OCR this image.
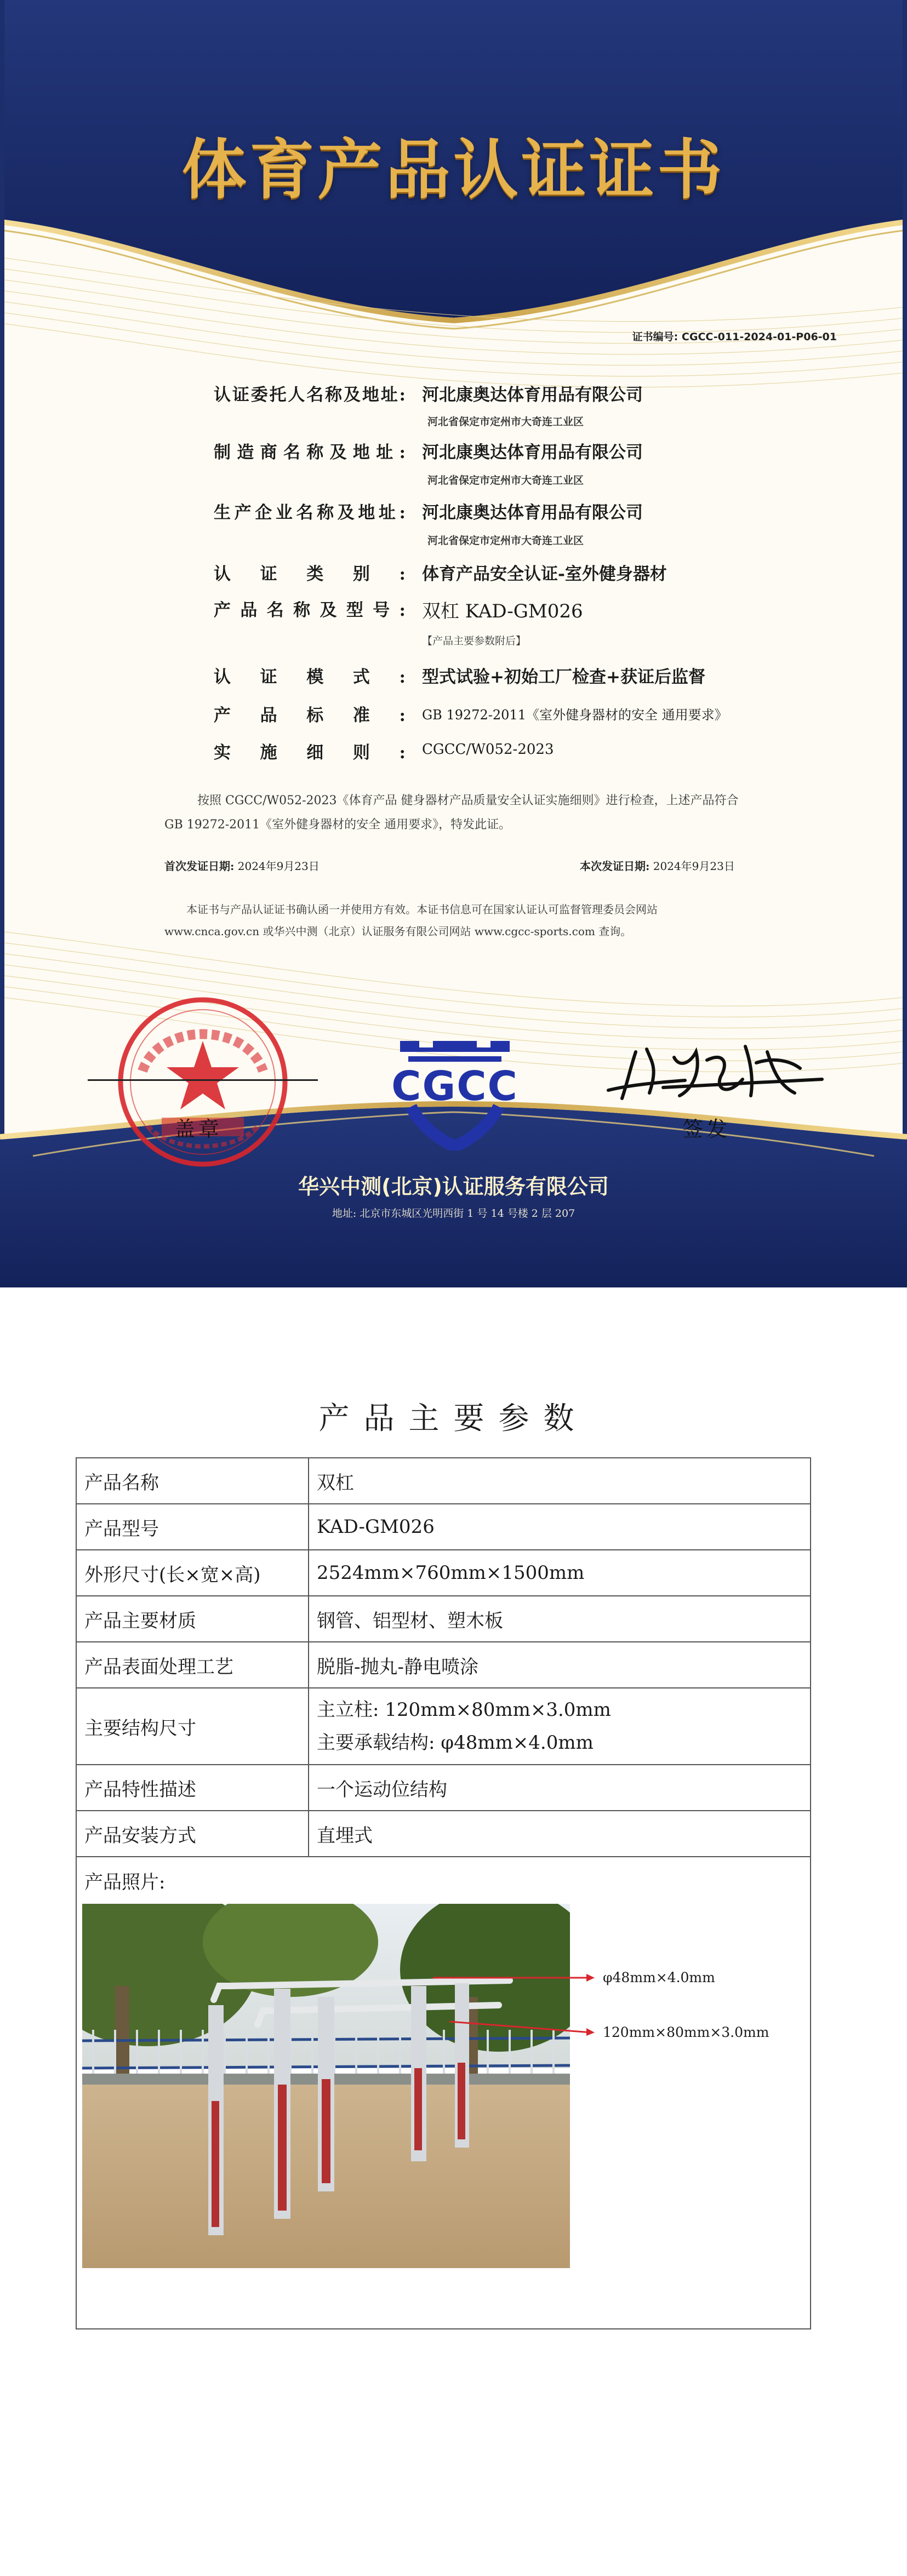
体育产品认证证书
证书编号: CGCC-011-2024-01-P06-01
认证委托人名称及地址: 河北康奥达体育用品有限公司
河北省保定市定州市大奇连工业区
制造商名称及地址: 河北康奥达体育用品有限公司
河北省保定市定州市大奇连工业区
生产企业名称及地址: 河北康奥达体育用品有限公司
河北省保定市定州市大奇连工业区
认证类别: 体育产品安全认证-室外健身器材
产品名称及型号: 双杠 KAD-GM026
【产品主要参数附后】
认证模式: 型式试验+初始工厂检查+获证后监督
产品标准: GB 19272-2011《室外健身器材的安全 通用要求》
实施细则: CGCC/W052-2023
按照 CGCC/W052-2023《体育产品 健身器材产品质量安全认证实施细则》进行检查，上述产品符合 GB 19272-2011《室外健身器材的安全 通用要求》，特发此证。
首次发证日期: 2024年9月23日	本次发证日期: 2024年9月23日
本证书与产品认证证书确认函一并使用方有效。本证书信息可在国家认证认可监督管理委员会网站 www.cnca.gov.cn 或华兴中测（北京）认证服务有限公司网站 www.cgcc-sports.com 查询。
盖章
CGCC
签发
华兴中测(北京)认证服务有限公司
地址: 北京市东城区光明西街 1 号 14 号楼 2 层 207
产品主要参数
产品名称	双杠
产品型号	KAD-GM026
外形尺寸(长×宽×高)	2524mm×760mm×1500mm
产品主要材质	钢管、铝型材、塑木板
产品表面处理工艺	脱脂-抛丸-静电喷涂
主要结构尺寸	主立柱: 120mm×80mm×3.0mm
主要承载结构: φ48mm×4.0mm

产品特性描述	一个运动位结构
产品安装方式	直埋式

产品照片:
φ48mm×4.0mm
120mm×80mm×3.0mm	
